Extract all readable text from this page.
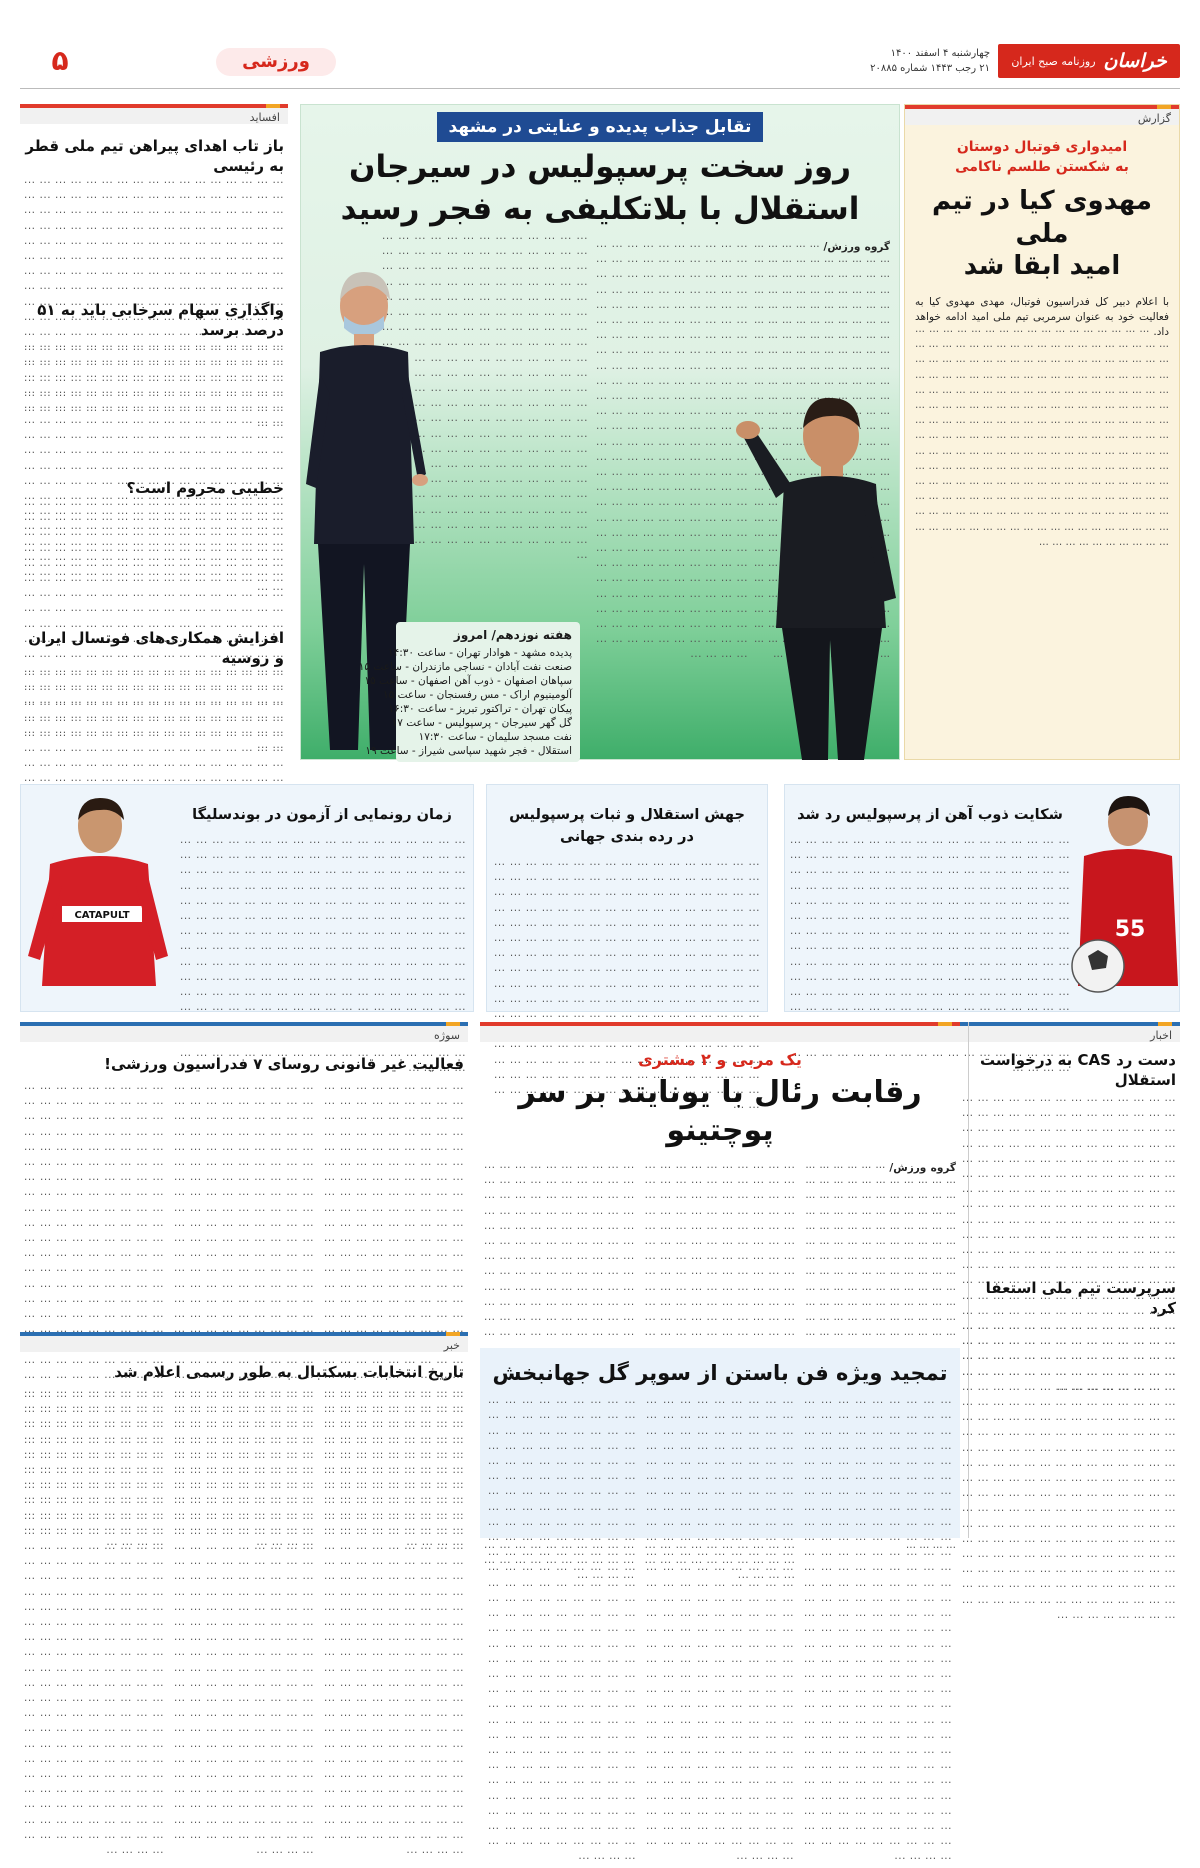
خراسان
روزنامه صبح ایران
چهارشنبه ۴ اسفند ۱۴۰۰
۲۱ رجب ۱۴۴۳ شماره ۲۰۸۸۵
ورزشی
۵
گزارش
امیدواری فوتبال دوستان
به شکستن طلسم ناکامی
مهدوی کیا در تیم ملی
امید ابقا شد

با اعلام دبیر کل فدراسیون فوتبال، مهدی مهدوی کیا به فعالیت خود به عنوان سرمربی تیم ملی امید ادامه خواهد داد. ··· ·

تقابل جذاب پدیده و عنایتی در مشهد
روز سخت پرسپولیس در سیرجان
استقلال با بلاتکلیفی به فجر رسید

گروه ورزش/ ··· ·

··· ·

··· ·

هفته نوزدهم/ امروز
پدیده مشهد - هوادار تهران - ساعت ۱۴:۳۰
صنعت نفت آبادان - نساجی مازندران - ساعت ۱۵
سپاهان اصفهان - ذوب آهن اصفهان - ساعت ۱۵
آلومینیوم اراک - مس رفسنجان - ساعت ۱۵
پیکان تهران - تراکتور تبریز - ساعت ۱۶:۳۰
گل گهر سیرجان - پرسپولیس - ساعت ۱۷
نفت مسجد سلیمان - ساعت ۱۷:۳۰
استقلال - فجر شهید سپاسی شیراز - ساعت ۱۹
افساید
باز تاب اهدای پیراهن تیم ملی قطر به رئیسی
··· ·
واگذاری سهام سرخابی باید به ۵۱ درصد برسد
··· ·
خطیبی محروم است؟
··· ·
افزایش همکاری‌های فوتسال ایران و روسیه
··· ·
55
شکایت ذوب آهن از پرسپولیس رد شد
··· ·
جهش استقلال و ثبات پرسپولیس
در رده بندی جهانی
··· ·
CATAPULT
زمان رونمایی از آزمون در بوندسلیگا
··· ·
اخبار
دست رد CAS به درخواست استقلال
··· ·
سرپرست تیم ملی استعفا کرد
··· ·
یک مربی و ۲ مشتری
رقابت رئال با یونایتد بر سر پوچتینو

گروه ورزش/ ··· ·

··· ·
··· ·
تمجید ویژه فن باستن از سوپر گل جهانبخش
··· ·
··· ·
··· ·
سوژه
فعالیت غیر قانونی روسای ۷ فدراسیون ورزشی!
··· ·
··· ·
··· ·
خبر
تاریخ انتخابات بسکتبال به طور رسمی اعلام شد
··· ·
··· ·
··· ·
